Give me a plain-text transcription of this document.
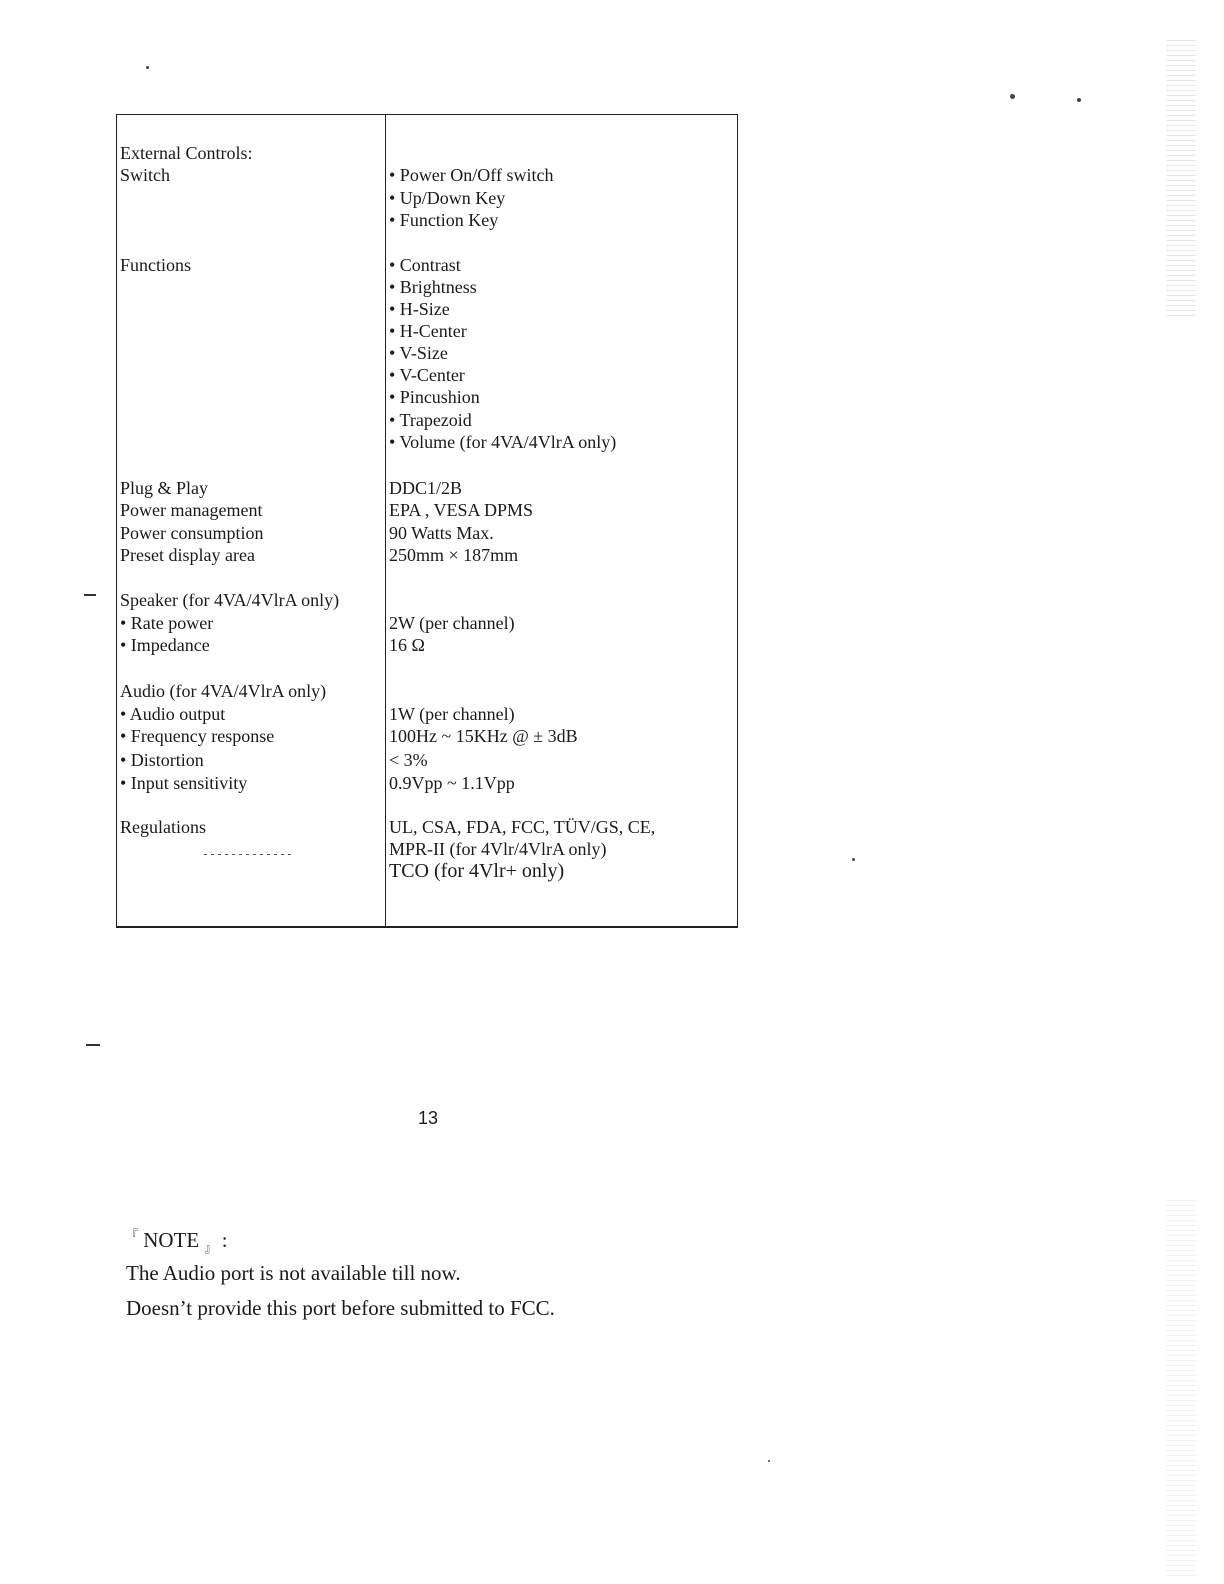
External Controls:
Switch
Functions
Plug & Play
Power management
Power consumption
Preset display area
Speaker (for 4VA/4VlrA only)
• Rate power
• Impedance
Audio (for 4VA/4VlrA only)
• Audio output
• Frequency response
• Distortion
• Input sensitivity
Regulations
• Power On/Off switch
• Up/Down Key
• Function Key
• Contrast
• Brightness
• H-Size
• H-Center
• V-Size
• V-Center
• Pincushion
• Trapezoid
• Volume (for 4VA/4VlrA only)
DDC1/2B
EPA , VESA DPMS
90 Watts Max.
250mm × 187mm
2W (per channel)
16 Ω
1W (per channel)
100Hz ~ 15KHz @ ± 3dB
< 3%
0.9Vpp ~ 1.1Vpp
UL, CSA, FDA, FCC, TÜV/GS, CE,
MPR-II (for 4Vlr/4VlrA only)
TCO (for 4Vlr+ only)
13
『 NOTE $_』$ :
The Audio port is not available till now.
Doesn’t provide this port before submitted to FCC.
